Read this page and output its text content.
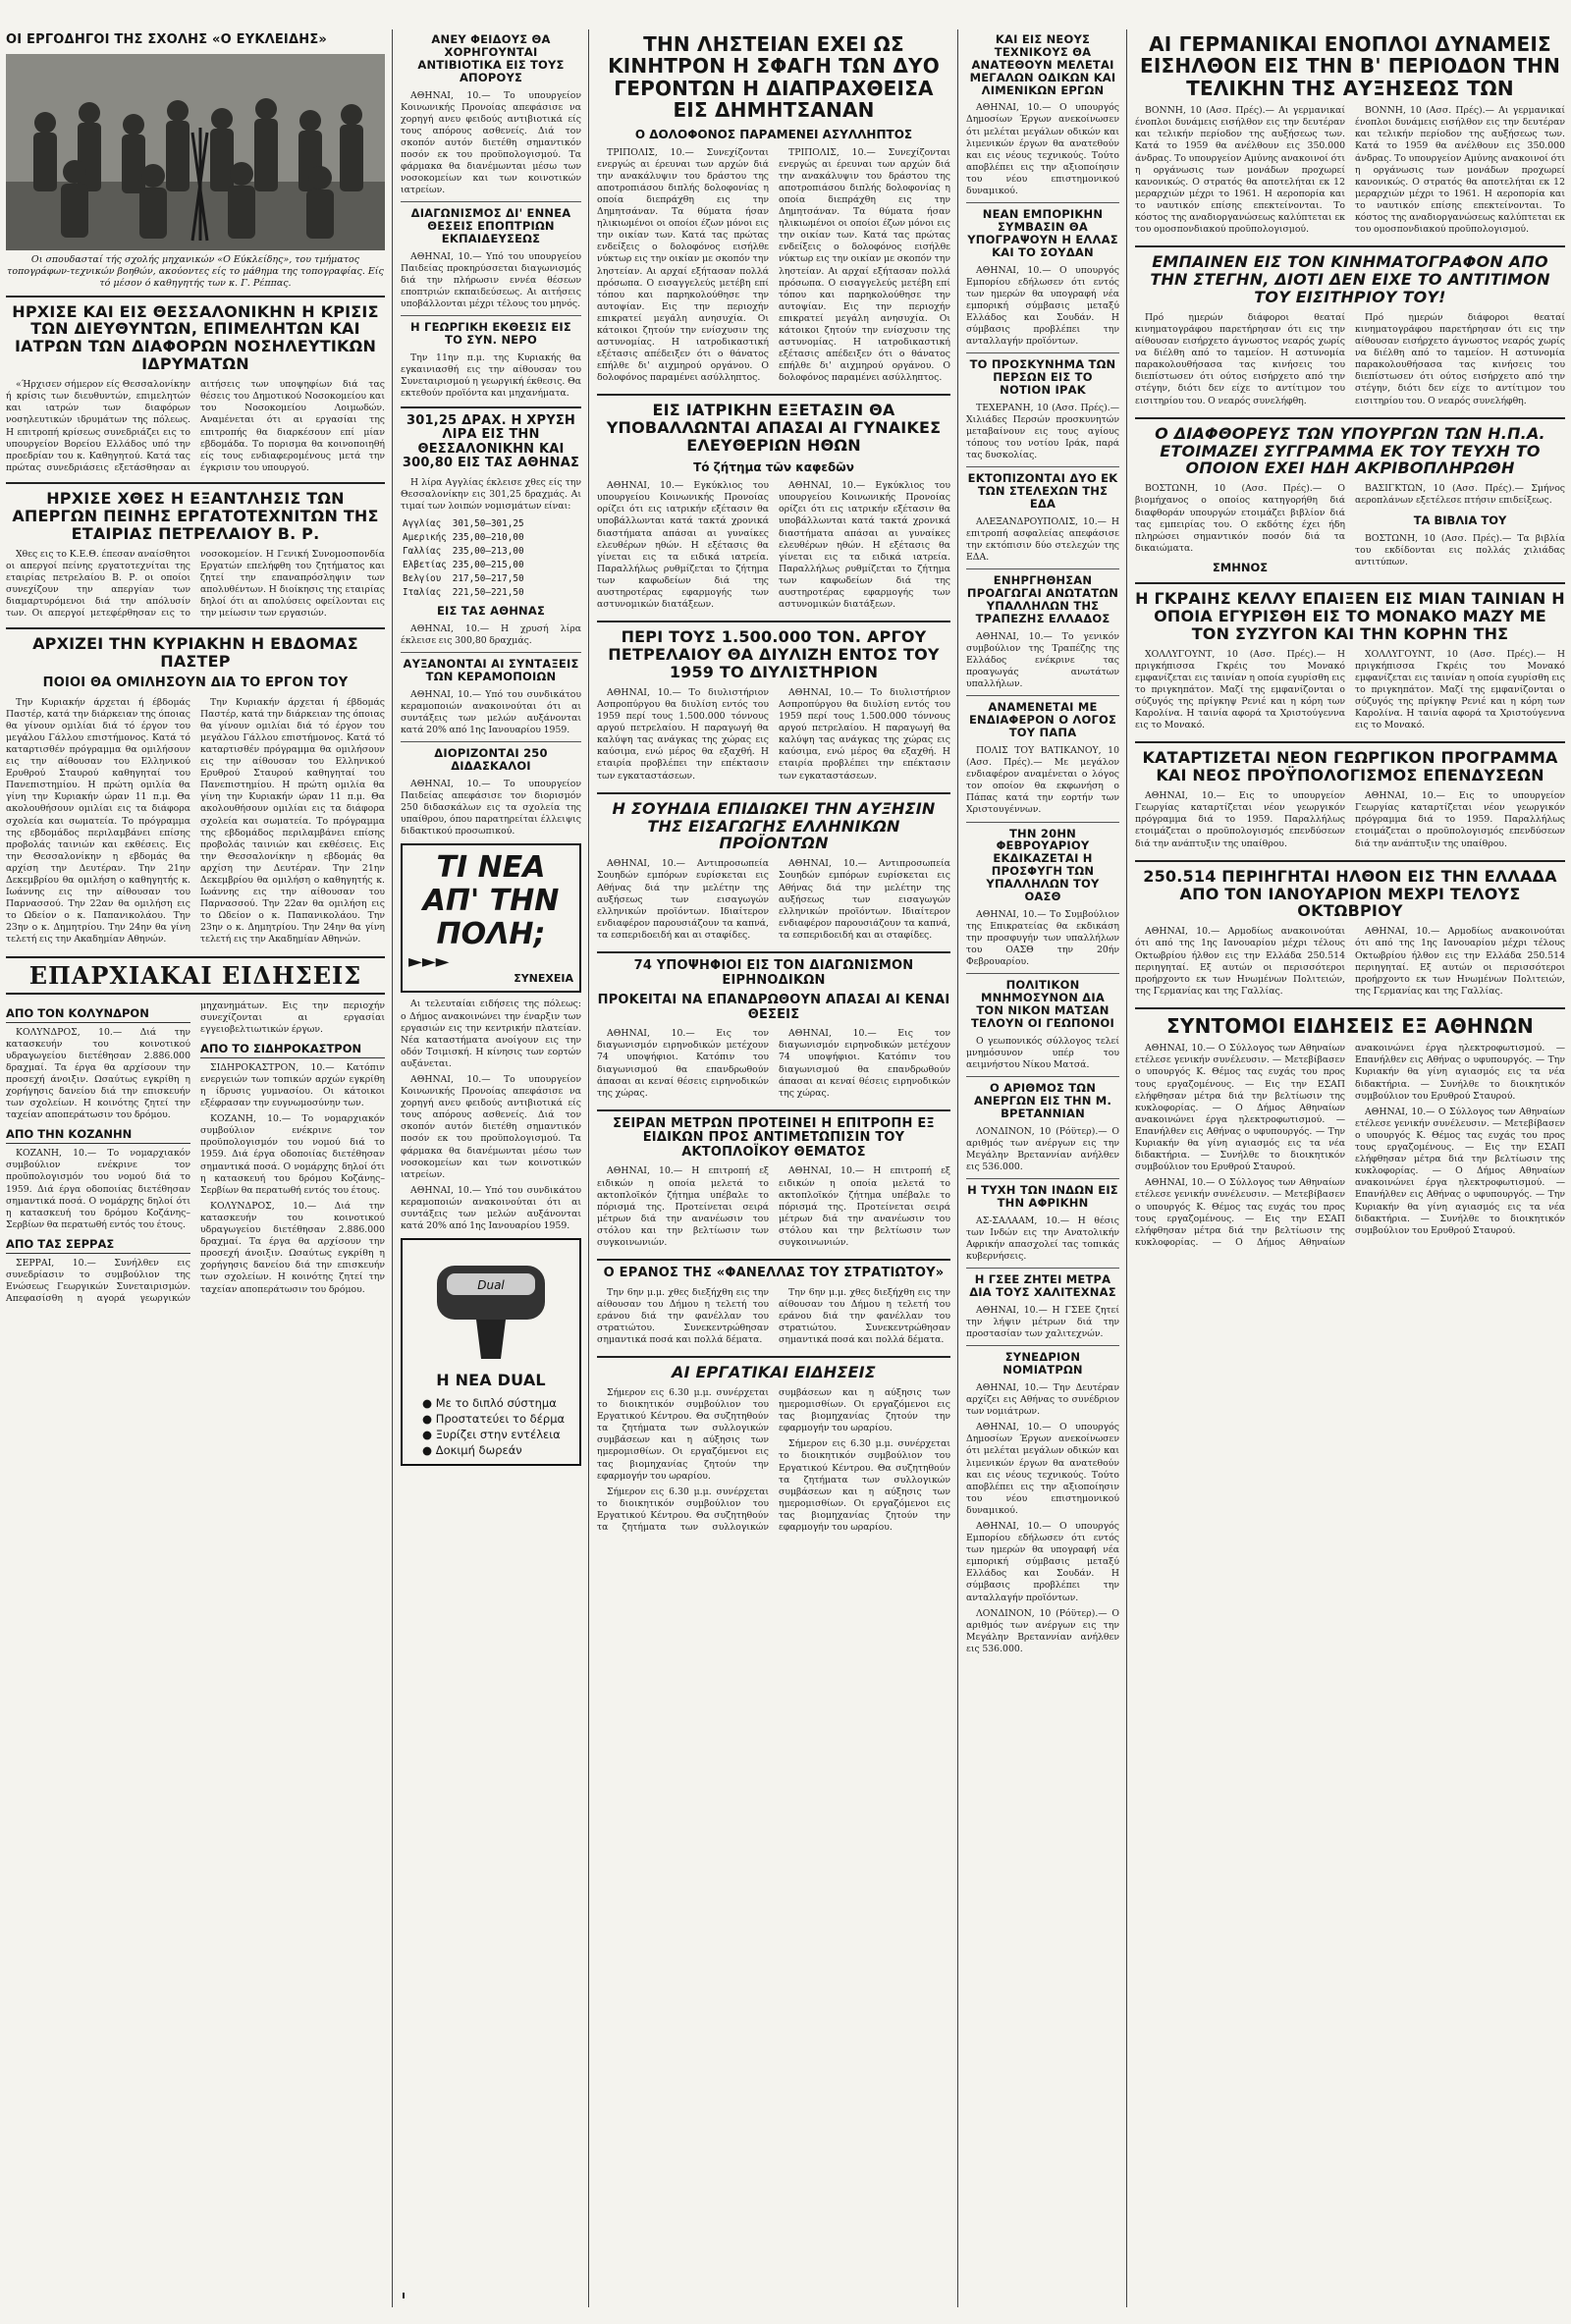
ΟΙ ΕΡΓΟΔΗΓΟΙ ΤΗΣ ΣΧΟΛΗΣ «Ο ΕΥΚΛΕΙΔΗΣ»
Οι σπουδασταί τής σχολής μηχανικών «Ο Εύκλείδης», του τμήματος τοπογράφων-τεχνικών βοηθών, ακούοντες είς το μάθημα της τοπογραφίας. Είς τό μέσον ό καθηγητής των κ. Γ. Ρέππας.
ΗΡΧΙΣΕ ΚΑΙ ΕΙΣ ΘΕΣΣΑΛΟΝΙΚΗΝ Η ΚΡΙΣΙΣ ΤΩΝ ΔΙΕΥΘΥΝΤΩΝ, ΕΠΙΜΕΛΗΤΩΝ ΚΑΙ ΙΑΤΡΩΝ ΤΩΝ ΔΙΑΦΟΡΩΝ ΝΟΣΗΛΕΥΤΙΚΩΝ ΙΔΡΥΜΑΤΩΝ

«Ήρχισεν σήμερον είς Θεσσαλονίκην ή κρίσις των διευθυντών, επιμελητών και ιατρών των διαφόρων νοσηλευτικών ιδρυμάτων της πόλεως. Η επιτροπή κρίσεως συνεδριάζει εις το υπουργείον Βορείου Ελλάδος υπό την προεδρίαν του κ. Καθηγητού. Κατά τας πρώτας συνεδριάσεις εξετάσθησαν αι αιτήσεις των υποψηφίων διά τας θέσεις του Δημοτικού Νοσοκομείου και του Νοσοκομείου Λοιμωδών. Αναμένεται ότι αι εργασίαι της επιτροπής θα διαρκέσουν επί μίαν εβδομάδα. Το πορισμα θα κοινοποιηθή είς τους ενδιαφερομένους μετά την έγκρισιν του υπουργού.

ΗΡΧΙΣΕ ΧΘΕΣ Η ΕΞΑΝΤΛΗΣΙΣ ΤΩΝ ΑΠΕΡΓΩΝ ΠΕΙΝΗΣ ΕΡΓΑΤΟΤΕΧΝΙΤΩΝ ΤΗΣ ΕΤΑΙΡΙΑΣ ΠΕΤΡΕΛΑΙΟΥ Β. Ρ.

Χθες εις το Κ.Ε.Θ. έπεσαν αναίσθητοι οι απεργοί πείνης εργατοτεχνίται της εταιρίας πετρελαίου Β. Ρ. οι οποίοι συνεχίζουν την απεργίαν των διαμαρτυρόμενοι διά την απόλυσίν των. Οι απεργοί μετεφέρθησαν εις το νοσοκομείον. Η Γενική Συνομοσπονδία Εργατών επελήφθη του ζητήματος και ζητεί την επαναπρόσληψιν των απολυθέντων. Η διοίκησις της εταιρίας δηλοί ότι αι απολύσεις οφείλονται εις την μείωσιν των εργασιών.

ΑΡΧΙΖΕΙ ΤΗΝ ΚΥΡΙΑΚΗΝ Η ΕΒΔΟΜΑΣ ΠΑΣΤΕΡ
ΠΟΙΟΙ ΘΑ ΟΜΙΛΗΣΟΥΝ ΔΙΑ ΤΟ ΕΡΓΟΝ ΤΟΥ

Την Κυριακήν άρχεται ή έβδομάς Παστέρ, κατά την διάρκειαν της όποιας θα γίνουν ομιλίαι διά τό έργον του μεγάλου Γάλλου επιστήμονος. Κατά τό καταρτισθέν πρόγραμμα θα ομιλήσουν εις την αίθουσαν του Ελληνικού Ερυθρού Σταυρού καθηγηταί του Πανεπιστημίου. Η πρώτη ομιλία θα γίνη την Κυριακήν ώραν 11 π.μ. Θα ακολουθήσουν ομιλίαι εις τα διάφορα σχολεία και σωματεία. Το πρόγραμμα της εβδομάδος περιλαμβάνει επίσης προβολάς ταινιών και εκθέσεις. Εις την Θεσσαλονίκην η εβδομάς θα αρχίση την Δευτέραν. Την 21ην Δεκεμβρίου θα ομιλήση ο καθηγητής κ. Ιωάννης εις την αίθουσαν του Παρνασσού. Την 22αν θα ομιλήση εις το Ωδείον ο κ. Παπανικολάου. Την 23ην ο κ. Δημητρίου. Την 24ην θα γίνη τελετή εις την Ακαδημίαν Αθηνών.

Την Κυριακήν άρχεται ή έβδομάς Παστέρ, κατά την διάρκειαν της όποιας θα γίνουν ομιλίαι διά τό έργον του μεγάλου Γάλλου επιστήμονος. Κατά τό καταρτισθέν πρόγραμμα θα ομιλήσουν εις την αίθουσαν του Ελληνικού Ερυθρού Σταυρού καθηγηταί του Πανεπιστημίου. Η πρώτη ομιλία θα γίνη την Κυριακήν ώραν 11 π.μ. Θα ακολουθήσουν ομιλίαι εις τα διάφορα σχολεία και σωματεία. Το πρόγραμμα της εβδομάδος περιλαμβάνει επίσης προβολάς ταινιών και εκθέσεις. Εις την Θεσσαλονίκην η εβδομάς θα αρχίση την Δευτέραν. Την 21ην Δεκεμβρίου θα ομιλήση ο καθηγητής κ. Ιωάννης εις την αίθουσαν του Παρνασσού. Την 22αν θα ομιλήση εις το Ωδείον ο κ. Παπανικολάου. Την 23ην ο κ. Δημητρίου. Την 24ην θα γίνη τελετή εις την Ακαδημίαν Αθηνών.

ΕΠΑΡΧΙΑΚΑΙ ΕΙΔΗΣΕΙΣ
ΑΠΟ ΤΟΝ ΚΟΛΥΝΔΡΟΝ

ΚΟΛΥΝΔΡΟΣ, 10.— Διά την κατασκευήν του κοινοτικού υδραγωγείου διετέθησαν 2.886.000 δραχμαί. Τα έργα θα αρχίσουν την προσεχή άνοιξιν. Ωσαύτως εγκρίθη η χορήγησις δανείου διά την επισκευήν των σχολείων. Η κοινότης ζητεί την ταχείαν αποπεράτωσιν του δρόμου.

ΑΠΟ ΤΗΝ ΚΟΖΑΝΗΝ

ΚΟΖΑΝΗ, 10.— Το νομαρχιακόν συμβούλιον ενέκρινε τον προϋπολογισμόν του νομού διά το 1959. Διά έργα οδοποιίας διετέθησαν σημαντικά ποσά. Ο νομάρχης δηλοί ότι η κατασκευή του δρόμου Κοζάνης–Σερβίων θα περατωθή εντός του έτους.

ΑΠΟ ΤΑΣ ΣΕΡΡΑΣ

ΣΕΡΡΑΙ, 10.— Συνήλθεν εις συνεδρίασιν το συμβούλιον της Ενώσεως Γεωργικών Συνεταιρισμών. Απεφασίσθη η αγορά γεωργικών μηχανημάτων. Εις την περιοχήν συνεχίζονται αι εργασίαι εγγειοβελτιωτικών έργων.

ΑΠΟ ΤΟ ΣΙΔΗΡΟΚΑΣΤΡΟΝ

ΣΙΔΗΡΟΚΑΣΤΡΟΝ, 10.— Κατόπιν ενεργειών των τοπικών αρχών εγκρίθη η ίδρυσις γυμνασίου. Οι κάτοικοι εξέφρασαν την ευγνωμοσύνην των.

ΚΟΖΑΝΗ, 10.— Το νομαρχιακόν συμβούλιον ενέκρινε τον προϋπολογισμόν του νομού διά το 1959. Διά έργα οδοποιίας διετέθησαν σημαντικά ποσά. Ο νομάρχης δηλοί ότι η κατασκευή του δρόμου Κοζάνης–Σερβίων θα περατωθή εντός του έτους.

ΚΟΛΥΝΔΡΟΣ, 10.— Διά την κατασκευήν του κοινοτικού υδραγωγείου διετέθησαν 2.886.000 δραχμαί. Τα έργα θα αρχίσουν την προσεχή άνοιξιν. Ωσαύτως εγκρίθη η χορήγησις δανείου διά την επισκευήν των σχολείων. Η κοινότης ζητεί την ταχείαν αποπεράτωσιν του δρόμου.

ΑΝΕΥ ΦΕΙΔΟΥΣ ΘΑ ΧΟΡΗΓΟΥΝΤΑΙ ΑΝΤΙΒΙΟΤΙΚΑ ΕΙΣ ΤΟΥΣ ΑΠΟΡΟΥΣ

ΑΘΗΝΑΙ, 10.— Το υπουργείον Κοινωνικής Προνοίας απεφάσισε να χορηγή ανευ φειδούς αντιβιοτικά είς τους απόρους ασθενείς. Διά τον σκοπόν αυτόν διετέθη σημαντικόν ποσόν εκ του προϋπολογισμού. Τα φάρμακα θα διανέμωνται μέσω των νοσοκομείων και των κοινοτικών ιατρείων.

ΔΙΑΓΩΝΙΣΜΟΣ ΔΙ' ΕΝΝΕΑ ΘΕΣΕΙΣ ΕΠΟΠΤΡΙΩΝ ΕΚΠΑΙΔΕΥΣΕΩΣ

ΑΘΗΝΑΙ, 10.— Υπό του υπουργείου Παιδείας προκηρύσσεται διαγωνισμός διά την πλήρωσιν εννέα θέσεων εποπτριών εκπαιδεύσεως. Αι αιτήσεις υποβάλλονται μέχρι τέλους του μηνός.

Η ΓΕΩΡΓΙΚΗ ΕΚΘΕΣΙΣ ΕΙΣ ΤΟ ΣΥΝ. ΝΕΡΟ

Την 11ην π.μ. της Κυριακής θα εγκαινιασθή εις την αίθουσαν του Συνεταιρισμού η γεωργική έκθεσις. Θα εκτεθούν προϊόντα και μηχανήματα.

301,25 ΔΡΑΧ. Η ΧΡΥΣΗ ΛΙΡΑ ΕΙΣ ΤΗΝ ΘΕΣΣΑΛΟΝΙΚΗΝ ΚΑΙ 300,80 ΕΙΣ ΤΑΣ ΑΘΗΝΑΣ

Η λίρα Αγγλίας έκλεισε χθες είς την Θεσσαλονίκην εις 301,25 δραχμάς. Αι τιμαί των λοιπών νομισμάτων είναι:

Αγγλίας	301,50—301,25
Αμερικής	235,00—210,00
Γαλλίας	235,00—213,00
Ελβετίας	235,00—215,00
Βελγίου	217,50—217,50
Ιταλίας	221,50—221,50
ΕΙΣ ΤΑΣ ΑΘΗΝΑΣ

ΑΘΗΝΑΙ, 10.— Η χρυσή λίρα έκλεισε εις 300,80 δραχμάς.

ΑΥΞΑΝΟΝΤΑΙ ΑΙ ΣΥΝΤΑΞΕΙΣ ΤΩΝ ΚΕΡΑΜΟΠΟΙΩΝ

ΑΘΗΝΑΙ, 10.— Υπό του συνδικάτου κεραμοποιών ανακοινούται ότι αι συντάξεις των μελών αυξάνονται κατά 20% από 1ης Ιανουαρίου 1959.

ΔΙΟΡΙΖΟΝΤΑΙ 250 ΔΙΔΑΣΚΑΛΟΙ

ΑΘΗΝΑΙ, 10.— Το υπουργείον Παιδείας απεφάσισε τον διορισμόν 250 διδασκάλων εις τα σχολεία της υπαίθρου, όπου παρατηρείται έλλειψις διδακτικού προσωπικού.

ΤΙ ΝΕΑ ΑΠ' ΤΗΝ ΠΟΛΗ;
►►►
ΣΥΝΕΧΕΙΑ

Αι τελευταίαι ειδήσεις της πόλεως: ο Δήμος ανακοινώνει την έναρξιν των εργασιών εις την κεντρικήν πλατείαν. Νέα καταστήματα ανοίγουν εις την οδόν Τσιμισκή. Η κίνησις των εορτών αυξάνεται.

ΑΘΗΝΑΙ, 10.— Το υπουργείον Κοινωνικής Προνοίας απεφάσισε να χορηγή ανευ φειδούς αντιβιοτικά είς τους απόρους ασθενείς. Διά τον σκοπόν αυτόν διετέθη σημαντικόν ποσόν εκ του προϋπολογισμού. Τα φάρμακα θα διανέμωνται μέσω των νοσοκομείων και των κοινοτικών ιατρείων.

ΑΘΗΝΑΙ, 10.— Υπό του συνδικάτου κεραμοποιών ανακοινούται ότι αι συντάξεις των μελών αυξάνονται κατά 20% από 1ης Ιανουαρίου 1959.

Dual
Η ΝΕΑ DUAL
● Με το διπλό σύστημα
● Προστατεύει το δέρμα
● Ξυρίζει στην εντέλεια
● Δοκιμή δωρεάν
ΤΗΝ ΛΗΣΤΕΙΑΝ ΕΧΕΙ ΩΣ ΚΙΝΗΤΡΟΝ Η ΣΦΑΓΗ ΤΩΝ ΔΥΟ ΓΕΡΟΝΤΩΝ Η ΔΙΑΠΡΑΧΘΕΙΣΑ ΕΙΣ ΔΗΜΗΤΣΑΝΑΝ
Ο ΔΟΛΟΦΟΝΟΣ ΠΑΡΑΜΕΝΕΙ ΑΣΥΛΛΗΠΤΟΣ

ΤΡΙΠΟΛΙΣ, 10.— Συνεχίζονται ενεργώς αι έρευναι των αρχών διά την ανακάλυψιν του δράστου της αποτροπιάσου διπλής δολοφονίας η οποία διεπράχθη εις την Δημητσάναν. Τα θύματα ήσαν ηλικιωμένοι οι οποίοι έζων μόνοι εις την οικίαν των. Κατά τας πρώτας ενδείξεις ο δολοφόνος εισήλθε νύκτωρ εις την οικίαν με σκοπόν την ληστείαν. Αι αρχαί εξήτασαν πολλά πρόσωπα. Ο εισαγγελεύς μετέβη επί τόπου και παρηκολούθησε την αυτοψίαν. Εις την περιοχήν επικρατεί μεγάλη ανησυχία. Οι κάτοικοι ζητούν την ενίσχυσιν της αστυνομίας. Η ιατροδικαστική εξέτασις απέδειξεν ότι ο θάνατος επήλθε δι' αιχμηρού οργάνου. Ο δολοφόνος παραμένει ασύλληπτος.

ΤΡΙΠΟΛΙΣ, 10.— Συνεχίζονται ενεργώς αι έρευναι των αρχών διά την ανακάλυψιν του δράστου της αποτροπιάσου διπλής δολοφονίας η οποία διεπράχθη εις την Δημητσάναν. Τα θύματα ήσαν ηλικιωμένοι οι οποίοι έζων μόνοι εις την οικίαν των. Κατά τας πρώτας ενδείξεις ο δολοφόνος εισήλθε νύκτωρ εις την οικίαν με σκοπόν την ληστείαν. Αι αρχαί εξήτασαν πολλά πρόσωπα. Ο εισαγγελεύς μετέβη επί τόπου και παρηκολούθησε την αυτοψίαν. Εις την περιοχήν επικρατεί μεγάλη ανησυχία. Οι κάτοικοι ζητούν την ενίσχυσιν της αστυνομίας. Η ιατροδικαστική εξέτασις απέδειξεν ότι ο θάνατος επήλθε δι' αιχμηρού οργάνου. Ο δολοφόνος παραμένει ασύλληπτος.

ΕΙΣ ΙΑΤΡΙΚΗΝ ΕΞΕΤΑΣΙΝ ΘΑ ΥΠΟΒΑΛΛΩΝΤΑΙ ΑΠΑΣΑΙ ΑΙ ΓΥΝΑΙΚΕΣ ΕΛΕΥΘΕΡΙΩΝ ΗΘΩΝ
Τό ζήτημα τῶν καφεδῶν

ΑΘΗΝΑΙ, 10.— Εγκύκλιος του υπουργείου Κοινωνικής Προνοίας ορίζει ότι εις ιατρικήν εξέτασιν θα υποβάλλωνται κατά τακτά χρονικά διαστήματα απάσαι αι γυναίκες ελευθέρων ηθών. Η εξέτασις θα γίνεται εις τα ειδικά ιατρεία. Παραλλήλως ρυθμίζεται το ζήτημα των καφωδείων διά της αυστηροτέρας εφαρμογής των αστυνομικών διατάξεων.

ΑΘΗΝΑΙ, 10.— Εγκύκλιος του υπουργείου Κοινωνικής Προνοίας ορίζει ότι εις ιατρικήν εξέτασιν θα υποβάλλωνται κατά τακτά χρονικά διαστήματα απάσαι αι γυναίκες ελευθέρων ηθών. Η εξέτασις θα γίνεται εις τα ειδικά ιατρεία. Παραλλήλως ρυθμίζεται το ζήτημα των καφωδείων διά της αυστηροτέρας εφαρμογής των αστυνομικών διατάξεων.

ΠΕΡΙ ΤΟΥΣ 1.500.000 ΤΟΝ. ΑΡΓΟΥ ΠΕΤΡΕΛΑΙΟΥ ΘΑ ΔΙΥΛΙΖΗ ΕΝΤΟΣ ΤΟΥ 1959 ΤΟ ΔΙΥΛΙΣΤΗΡΙΟΝ

ΑΘΗΝΑΙ, 10.— Το διυλιστήριον Ασπροπύργου θα διυλίση εντός του 1959 περί τους 1.500.000 τόννους αργού πετρελαίου. Η παραγωγή θα καλύψη τας ανάγκας της χώρας εις καύσιμα, ενώ μέρος θα εξαχθή. Η εταιρία προβλέπει την επέκτασιν των εγκαταστάσεων.

ΑΘΗΝΑΙ, 10.— Το διυλιστήριον Ασπροπύργου θα διυλίση εντός του 1959 περί τους 1.500.000 τόννους αργού πετρελαίου. Η παραγωγή θα καλύψη τας ανάγκας της χώρας εις καύσιμα, ενώ μέρος θα εξαχθή. Η εταιρία προβλέπει την επέκτασιν των εγκαταστάσεων.

Η ΣΟΥΗΔΙΑ ΕΠΙΔΙΩΚΕΙ ΤΗΝ ΑΥΞΗΣΙΝ ΤΗΣ ΕΙΣΑΓΩΓΗΣ ΕΛΛΗΝΙΚΩΝ ΠΡΟΪΟΝΤΩΝ

ΑΘΗΝΑΙ, 10.— Αντιπροσωπεία Σουηδών εμπόρων ευρίσκεται εις Αθήνας διά την μελέτην της αυξήσεως των εισαγωγών ελληνικών προϊόντων. Ιδιαίτερον ενδιαφέρον παρουσιάζουν τα καπνά, τα εσπεριδοειδή και αι σταφίδες.

ΑΘΗΝΑΙ, 10.— Αντιπροσωπεία Σουηδών εμπόρων ευρίσκεται εις Αθήνας διά την μελέτην της αυξήσεως των εισαγωγών ελληνικών προϊόντων. Ιδιαίτερον ενδιαφέρον παρουσιάζουν τα καπνά, τα εσπεριδοειδή και αι σταφίδες.

74 ΥΠΟΨΗΦΙΟΙ ΕΙΣ ΤΟΝ ΔΙΑΓΩΝΙΣΜΟΝ ΕΙΡΗΝΟΔΙΚΩΝ
ΠΡΟΚΕΙΤΑΙ ΝΑ ΕΠΑΝΔΡΩΘΟΥΝ ΑΠΑΣΑΙ ΑΙ ΚΕΝΑΙ ΘΕΣΕΙΣ

ΑΘΗΝΑΙ, 10.— Εις τον διαγωνισμόν ειρηνοδικών μετέχουν 74 υποψήφιοι. Κατόπιν του διαγωνισμού θα επανδρωθούν άπασαι αι κεναί θέσεις ειρηνοδικών της χώρας.

ΑΘΗΝΑΙ, 10.— Εις τον διαγωνισμόν ειρηνοδικών μετέχουν 74 υποψήφιοι. Κατόπιν του διαγωνισμού θα επανδρωθούν άπασαι αι κεναί θέσεις ειρηνοδικών της χώρας.

ΣΕΙΡΑΝ ΜΕΤΡΩΝ ΠΡΟΤΕΙΝΕΙ Η ΕΠΙΤΡΟΠΗ ΕΞ ΕΙΔΙΚΩΝ ΠΡΟΣ ΑΝΤΙΜΕΤΩΠΙΣΙΝ ΤΟΥ ΑΚΤΟΠΛΟΪΚΟΥ ΘΕΜΑΤΟΣ

ΑΘΗΝΑΙ, 10.— Η επιτροπή εξ ειδικών η οποία μελετά το ακτοπλοϊκόν ζήτημα υπέβαλε το πόρισμά της. Προτείνεται σειρά μέτρων διά την ανανέωσιν του στόλου και την βελτίωσιν των συγκοινωνιών.

ΑΘΗΝΑΙ, 10.— Η επιτροπή εξ ειδικών η οποία μελετά το ακτοπλοϊκόν ζήτημα υπέβαλε το πόρισμά της. Προτείνεται σειρά μέτρων διά την ανανέωσιν του στόλου και την βελτίωσιν των συγκοινωνιών.

Ο ΕΡΑΝΟΣ ΤΗΣ «ΦΑΝΕΛΛΑΣ ΤΟΥ ΣΤΡΑΤΙΩΤΟΥ»

Την 6ην μ.μ. χθες διεξήχθη εις την αίθουσαν του Δήμου η τελετή του εράνου διά την φανέλλαν του στρατιώτου. Συνεκεντρώθησαν σημαντικά ποσά και πολλά δέματα.

Την 6ην μ.μ. χθες διεξήχθη εις την αίθουσαν του Δήμου η τελετή του εράνου διά την φανέλλαν του στρατιώτου. Συνεκεντρώθησαν σημαντικά ποσά και πολλά δέματα.

ΑΙ ΕΡΓΑΤΙΚΑΙ ΕΙΔΗΣΕΙΣ

Σήμερον εις 6.30 μ.μ. συνέρχεται το διοικητικόν συμβούλιον του Εργατικού Κέντρου. Θα συζητηθούν τα ζητήματα των συλλογικών συμβάσεων και η αύξησις των ημερομισθίων. Οι εργαζόμενοι εις τας βιομηχανίας ζητούν την εφαρμογήν του ωραρίου.

Σήμερον εις 6.30 μ.μ. συνέρχεται το διοικητικόν συμβούλιον του Εργατικού Κέντρου. Θα συζητηθούν τα ζητήματα των συλλογικών συμβάσεων και η αύξησις των ημερομισθίων. Οι εργαζόμενοι εις τας βιομηχανίας ζητούν την εφαρμογήν του ωραρίου.

Σήμερον εις 6.30 μ.μ. συνέρχεται το διοικητικόν συμβούλιον του Εργατικού Κέντρου. Θα συζητηθούν τα ζητήματα των συλλογικών συμβάσεων και η αύξησις των ημερομισθίων. Οι εργαζόμενοι εις τας βιομηχανίας ζητούν την εφαρμογήν του ωραρίου.

ΚΑΙ ΕΙΣ ΝΕΟΥΣ ΤΕΧΝΙΚΟΥΣ ΘΑ ΑΝΑΤΕΘΟΥΝ ΜΕΛΕΤΑΙ ΜΕΓΑΛΩΝ ΟΔΙΚΩΝ ΚΑΙ ΛΙΜΕΝΙΚΩΝ ΕΡΓΩΝ

ΑΘΗΝΑΙ, 10.— Ο υπουργός Δημοσίων Έργων ανεκοίνωσεν ότι μελέται μεγάλων οδικών και λιμενικών έργων θα ανατεθούν και εις νέους τεχνικούς. Τούτο αποβλέπει εις την αξιοποίησιν του νέου επιστημονικού δυναμικού.

ΝΕΑΝ ΕΜΠΟΡΙΚΗΝ ΣΥΜΒΑΣΙΝ ΘΑ ΥΠΟΓΡΑΨΟΥΝ Η ΕΛΛΑΣ ΚΑΙ ΤΟ ΣΟΥΔΑΝ

ΑΘΗΝΑΙ, 10.— Ο υπουργός Εμπορίου εδήλωσεν ότι εντός των ημερών θα υπογραφή νέα εμπορική σύμβασις μεταξύ Ελλάδος και Σουδάν. Η σύμβασις προβλέπει την ανταλλαγήν προϊόντων.

ΤΟ ΠΡΟΣΚΥΝΗΜΑ ΤΩΝ ΠΕΡΣΩΝ ΕΙΣ ΤΟ ΝΟΤΙΟΝ ΙΡΑΚ

ΤΕΧΕΡΑΝΗ, 10 (Ασσ. Πρές).— Χιλιάδες Περσών προσκυνητών μεταβαίνουν εις τους αγίους τόπους του νοτίου Ιράκ, παρά τας δυσκολίας.

ΕΚΤΟΠΙΖΟΝΤΑΙ ΔΥΟ ΕΚ ΤΩΝ ΣΤΕΛΕΧΩΝ ΤΗΣ ΕΔΑ

ΑΛΕΞΑΝΔΡΟΥΠΟΛΙΣ, 10.— Η επιτροπή ασφαλείας απεφάσισε την εκτόπισιν δύο στελεχών της ΕΔΑ.

ΕΝΗΡΓΗΘΗΣΑΝ ΠΡΟΑΓΩΓΑΙ ΑΝΩΤΑΤΩΝ ΥΠΑΛΛΗΛΩΝ ΤΗΣ ΤΡΑΠΕΖΗΣ ΕΛΛΑΔΟΣ

ΑΘΗΝΑΙ, 10.— Το γενικόν συμβούλιον της Τραπέζης της Ελλάδος ενέκρινε τας προαγωγάς ανωτάτων υπαλλήλων.

ΑΝΑΜΕΝΕΤΑΙ ΜΕ ΕΝΔΙΑΦΕΡΟΝ Ο ΛΟΓΟΣ ΤΟΥ ΠΑΠΑ

ΠΟΛΙΣ ΤΟΥ ΒΑΤΙΚΑΝΟΥ, 10 (Ασσ. Πρές).— Με μεγάλον ενδιαφέρον αναμένεται ο λόγος τον οποίον θα εκφωνήση ο Πάπας κατά την εορτήν των Χριστουγέννων.

ΤΗΝ 20ΗΝ ΦΕΒΡΟΥΑΡΙΟΥ ΕΚΔΙΚΑΖΕΤΑΙ Η ΠΡΟΣΦΥΓΗ ΤΩΝ ΥΠΑΛΛΗΛΩΝ ΤΟΥ ΟΑΣΘ

ΑΘΗΝΑΙ, 10.— Το Συμβούλιον της Επικρατείας θα εκδικάση την προσφυγήν των υπαλλήλων του ΟΑΣΘ την 20ήν Φεβρουαρίου.

ΠΟΛΙΤΙΚΟΝ ΜΝΗΜΟΣΥΝΟΝ ΔΙΑ ΤΟΝ ΝΙΚΟΝ ΜΑΤΣΑΝ ΤΕΛΟΥΝ ΟΙ ΓΕΩΠΟΝΟΙ

Ο γεωπονικός σύλλογος τελεί μνημόσυνον υπέρ του αειμνήστου Νίκου Ματσά.

Ο ΑΡΙΘΜΟΣ ΤΩΝ ΑΝΕΡΓΩΝ ΕΙΣ ΤΗΝ Μ. ΒΡΕΤΑΝΝΙΑΝ

ΛΟΝΔΙΝΟΝ, 10 (Ρόϋτερ).— Ο αριθμός των ανέργων εις την Μεγάλην Βρεταννίαν ανήλθεν εις 536.000.

Η ΤΥΧΗ ΤΩΝ ΙΝΔΩΝ ΕΙΣ ΤΗΝ ΑΦΡΙΚΗΝ

ΑΣ-ΣΑΛΑΑΜ, 10.— Η θέσις των Ινδών εις την Ανατολικήν Αφρικήν απασχολεί τας τοπικάς κυβερνήσεις.

Η ΓΣΕΕ ΖΗΤΕΙ ΜΕΤΡΑ ΔΙΑ ΤΟΥΣ ΧΑΛΙΤΕΧΝΑΣ

ΑΘΗΝΑΙ, 10.— Η ΓΣΕΕ ζητεί την λήψιν μέτρων διά την προστασίαν των χαλιτεχνών.

ΣΥΝΕΔΡΙΟΝ ΝΟΜΙΑΤΡΩΝ

ΑΘΗΝΑΙ, 10.— Την Δευτέραν αρχίζει εις Αθήνας το συνέδριον των νομιάτρων.

ΑΘΗΝΑΙ, 10.— Ο υπουργός Δημοσίων Έργων ανεκοίνωσεν ότι μελέται μεγάλων οδικών και λιμενικών έργων θα ανατεθούν και εις νέους τεχνικούς. Τούτο αποβλέπει εις την αξιοποίησιν του νέου επιστημονικού δυναμικού.

ΑΘΗΝΑΙ, 10.— Ο υπουργός Εμπορίου εδήλωσεν ότι εντός των ημερών θα υπογραφή νέα εμπορική σύμβασις μεταξύ Ελλάδος και Σουδάν. Η σύμβασις προβλέπει την ανταλλαγήν προϊόντων.

ΛΟΝΔΙΝΟΝ, 10 (Ρόϋτερ).— Ο αριθμός των ανέργων εις την Μεγάλην Βρεταννίαν ανήλθεν εις 536.000.

ΑΙ ΓΕΡΜΑΝΙΚΑΙ ΕΝΟΠΛΟΙ ΔΥΝΑΜΕΙΣ ΕΙΣΗΛΘΟΝ ΕΙΣ ΤΗΝ Β' ΠΕΡΙΟΔΟΝ ΤΗΝ ΤΕΛΙΚΗΝ ΤΗΣ ΑΥΞΗΣΕΩΣ ΤΩΝ

ΒΟΝΝΗ, 10 (Ασσ. Πρές).— Αι γερμανικαί ένοπλοι δυνάμεις εισήλθον εις την δευτέραν και τελικήν περίοδον της αυξήσεως των. Κατά το 1959 θα ανέλθουν εις 350.000 άνδρας. Το υπουργείον Αμύνης ανακοινοί ότι η οργάνωσις των μονάδων προχωρεί κανονικώς. Ο στρατός θα αποτελήται εκ 12 μεραρχιών μέχρι το 1961. Η αεροπορία και το ναυτικόν επίσης επεκτείνονται. Το κόστος της αναδιοργανώσεως καλύπτεται εκ του ομοσπονδιακού προϋπολογισμού.

ΒΟΝΝΗ, 10 (Ασσ. Πρές).— Αι γερμανικαί ένοπλοι δυνάμεις εισήλθον εις την δευτέραν και τελικήν περίοδον της αυξήσεως των. Κατά το 1959 θα ανέλθουν εις 350.000 άνδρας. Το υπουργείον Αμύνης ανακοινοί ότι η οργάνωσις των μονάδων προχωρεί κανονικώς. Ο στρατός θα αποτελήται εκ 12 μεραρχιών μέχρι το 1961. Η αεροπορία και το ναυτικόν επίσης επεκτείνονται. Το κόστος της αναδιοργανώσεως καλύπτεται εκ του ομοσπονδιακού προϋπολογισμού.

ΕΜΠΑΙΝΕΝ ΕΙΣ ΤΟΝ ΚΙΝΗΜΑΤΟΓΡΑΦΟΝ ΑΠΟ ΤΗΝ ΣΤΕΓΗΝ, ΔΙΟΤΙ ΔΕΝ ΕΙΧΕ ΤΟ ΑΝΤΙΤΙΜΟΝ ΤΟΥ ΕΙΣΙΤΗΡΙΟΥ ΤΟΥ!

Πρό ημερών διάφοροι θεαταί κινηματογράφου παρετήρησαν ότι εις την αίθουσαν εισήρχετο άγνωστος νεαρός χωρίς να διέλθη από το ταμείον. Η αστυνομία παρακολουθήσασα τας κινήσεις του διεπίστωσεν ότι ούτος εισήρχετο από την στέγην, διότι δεν είχε το αντίτιμον του εισιτηρίου του. Ο νεαρός συνελήφθη.

Πρό ημερών διάφοροι θεαταί κινηματογράφου παρετήρησαν ότι εις την αίθουσαν εισήρχετο άγνωστος νεαρός χωρίς να διέλθη από το ταμείον. Η αστυνομία παρακολουθήσασα τας κινήσεις του διεπίστωσεν ότι ούτος εισήρχετο από την στέγην, διότι δεν είχε το αντίτιμον του εισιτηρίου του. Ο νεαρός συνελήφθη.

Ο ΔΙΑΦΘΟΡΕΥΣ ΤΩΝ ΥΠΟΥΡΓΩΝ ΤΩΝ Η.Π.Α. ΕΤΟΙΜΑΖΕΙ ΣΥΓΓΡΑΜΜΑ ΕΚ ΤΟΥ ΤΕΥΧΗ ΤΟ ΟΠΟΙΟΝ ΕΧΕΙ ΗΔΗ ΑΚΡΙΒΟΠΛΗΡΩΘΗ

ΒΟΣΤΩΝΗ, 10 (Ασσ. Πρές).— Ο βιομήχανος ο οποίος κατηγορήθη διά διαφθοράν υπουργών ετοιμάζει βιβλίον διά τας εμπειρίας του. Ο εκδότης έχει ήδη πληρώσει σημαντικόν ποσόν διά τα δικαιώματα.

ΣΜΗΝΟΣ

ΒΑΣΙΓΚΤΩΝ, 10 (Ασσ. Πρές).— Σμήνος αεροπλάνων εξετέλεσε πτήσιν επιδείξεως.

ΤΑ ΒΙΒΛΙΑ ΤΟΥ

ΒΟΣΤΩΝΗ, 10 (Ασσ. Πρές).— Τα βιβλία του εκδίδονται εις πολλάς χιλιάδας αντιτύπων.

Η ΓΚΡΑΙΗΣ ΚΕΛΛΥ ΕΠΑΙΞΕΝ ΕΙΣ ΜΙΑΝ ΤΑΙΝΙΑΝ Η ΟΠΟΙΑ ΕΓΥΡΙΣΘΗ ΕΙΣ ΤΟ ΜΟΝΑΚΟ ΜΑΖΥ ΜΕ ΤΟΝ ΣΥΖΥΓΟΝ ΚΑΙ ΤΗΝ ΚΟΡΗΝ ΤΗΣ

ΧΟΛΛΥΓΟΥΝΤ, 10 (Ασσ. Πρές).— Η πριγκήπισσα Γκρέις του Μονακό εμφανίζεται εις ταινίαν η οποία εγυρίσθη εις το πριγκηπάτον. Μαζί της εμφανίζονται ο σύζυγός της πρίγκηψ Ρενιέ και η κόρη των Καρολίνα. Η ταινία αφορά τα Χριστούγεννα εις το Μονακό.

ΧΟΛΛΥΓΟΥΝΤ, 10 (Ασσ. Πρές).— Η πριγκήπισσα Γκρέις του Μονακό εμφανίζεται εις ταινίαν η οποία εγυρίσθη εις το πριγκηπάτον. Μαζί της εμφανίζονται ο σύζυγός της πρίγκηψ Ρενιέ και η κόρη των Καρολίνα. Η ταινία αφορά τα Χριστούγεννα εις το Μονακό.

ΚΑΤΑΡΤΙΖΕΤΑΙ ΝΕΟΝ ΓΕΩΡΓΙΚΟΝ ΠΡΟΓΡΑΜΜΑ ΚΑΙ ΝΕΟΣ ΠΡΟΫΠΟΛΟΓΙΣΜΟΣ ΕΠΕΝΔΥΣΕΩΝ

ΑΘΗΝΑΙ, 10.— Εις το υπουργείον Γεωργίας καταρτίζεται νέον γεωργικόν πρόγραμμα διά το 1959. Παραλλήλως ετοιμάζεται ο προϋπολογισμός επενδύσεων διά την ανάπτυξιν της υπαίθρου.

ΑΘΗΝΑΙ, 10.— Εις το υπουργείον Γεωργίας καταρτίζεται νέον γεωργικόν πρόγραμμα διά το 1959. Παραλλήλως ετοιμάζεται ο προϋπολογισμός επενδύσεων διά την ανάπτυξιν της υπαίθρου.

250.514 ΠΕΡΙΗΓΗΤΑΙ ΗΛΘΟΝ ΕΙΣ ΤΗΝ ΕΛΛΑΔΑ ΑΠΟ ΤΟΝ ΙΑΝΟΥΑΡΙΟΝ ΜΕΧΡΙ ΤΕΛΟΥΣ ΟΚΤΩΒΡΙΟΥ

ΑΘΗΝΑΙ, 10.— Αρμοδίως ανακοινούται ότι από της 1ης Ιανουαρίου μέχρι τέλους Οκτωβρίου ήλθον εις την Ελλάδα 250.514 περιηγηταί. Εξ αυτών οι περισσότεροι προήρχοντο εκ των Ηνωμένων Πολιτειών, της Γερμανίας και της Γαλλίας.

ΑΘΗΝΑΙ, 10.— Αρμοδίως ανακοινούται ότι από της 1ης Ιανουαρίου μέχρι τέλους Οκτωβρίου ήλθον εις την Ελλάδα 250.514 περιηγηταί. Εξ αυτών οι περισσότεροι προήρχοντο εκ των Ηνωμένων Πολιτειών, της Γερμανίας και της Γαλλίας.

ΣΥΝΤΟΜΟΙ ΕΙΔΗΣΕΙΣ ΕΞ ΑΘΗΝΩΝ

ΑΘΗΝΑΙ, 10.— Ο Σύλλογος των Αθηναίων ετέλεσε γενικήν συνέλευσιν. — Μετεβίβασεν ο υπουργός Κ. Θέμος τας ευχάς του προς τους εργαζομένους. — Εις την ΕΣΑΠ ελήφθησαν μέτρα διά την βελτίωσιν της κυκλοφορίας. — Ο Δήμος Αθηναίων ανακοινώνει έργα ηλεκτροφωτισμού. — Επανήλθεν εις Αθήνας ο υφυπουργός. — Την Κυριακήν θα γίνη αγιασμός εις τα νέα διδακτήρια. — Συνήλθε το διοικητικόν συμβούλιον του Ερυθρού Σταυρού.

ΑΘΗΝΑΙ, 10.— Ο Σύλλογος των Αθηναίων ετέλεσε γενικήν συνέλευσιν. — Μετεβίβασεν ο υπουργός Κ. Θέμος τας ευχάς του προς τους εργαζομένους. — Εις την ΕΣΑΠ ελήφθησαν μέτρα διά την βελτίωσιν της κυκλοφορίας. — Ο Δήμος Αθηναίων ανακοινώνει έργα ηλεκτροφωτισμού. — Επανήλθεν εις Αθήνας ο υφυπουργός. — Την Κυριακήν θα γίνη αγιασμός εις τα νέα διδακτήρια. — Συνήλθε το διοικητικόν συμβούλιον του Ερυθρού Σταυρού.

ΑΘΗΝΑΙ, 10.— Ο Σύλλογος των Αθηναίων ετέλεσε γενικήν συνέλευσιν. — Μετεβίβασεν ο υπουργός Κ. Θέμος τας ευχάς του προς τους εργαζομένους. — Εις την ΕΣΑΠ ελήφθησαν μέτρα διά την βελτίωσιν της κυκλοφορίας. — Ο Δήμος Αθηναίων ανακοινώνει έργα ηλεκτροφωτισμού. — Επανήλθεν εις Αθήνας ο υφυπουργός. — Την Κυριακήν θα γίνη αγιασμός εις τα νέα διδακτήρια. — Συνήλθε το διοικητικόν συμβούλιον του Ερυθρού Σταυρού.
